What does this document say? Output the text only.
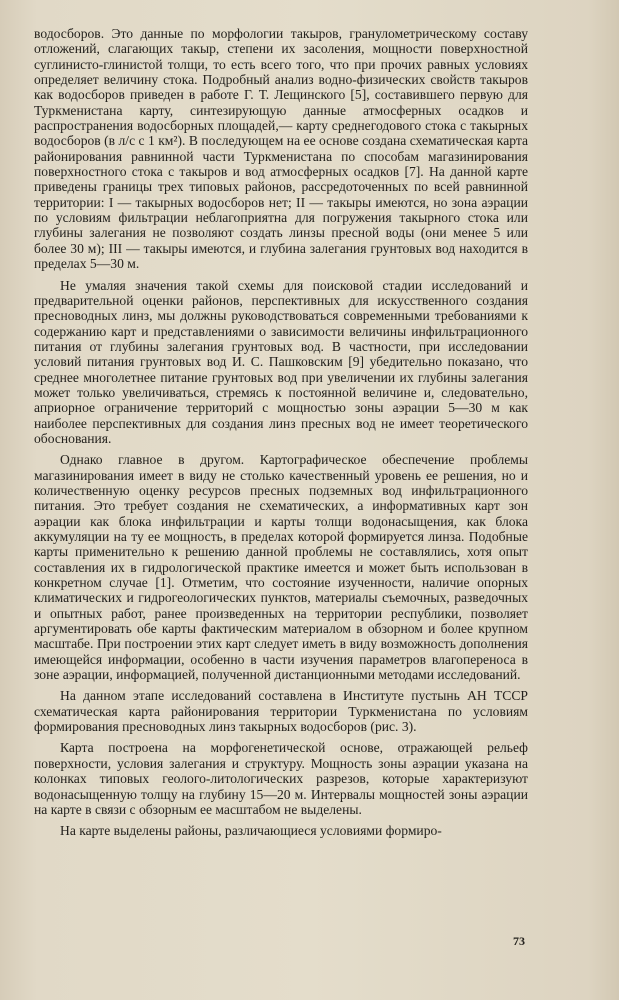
водосборов. Это данные по морфологии такыров, гранулометрическому составу отложений, слагающих такыр, степени их засоления, мощности поверхностной суглинисто-глинистой толщи, то есть всего того, что при прочих равных условиях определяет величину стока. Подробный анализ водно-физических свойств такыров как водосборов приведен в работе Г. Т. Лещинского [5], составившего первую для Туркменистана карту, синтезирующую данные атмосферных осадков и распространения водосборных площадей,— карту среднегодового стока с такырных водосборов (в л/с с 1 км²). В последующем на ее основе создана схематическая карта районирования равнинной части Туркменистана по способам магазинирования поверхностного стока с такыров и вод атмосферных осадков [7]. На данной карте приведены границы трех типовых районов, рассредоточенных по всей равнинной территории: I — такырных водосборов нет; II — такыры имеются, но зона аэрации по условиям фильтрации неблагоприятна для погружения такырного стока или глубины залегания не позволяют создать линзы пресной воды (они менее 5 или более 30 м); III — такыры имеются, и глубина залегания грунтовых вод находится в пределах 5—30 м.

Не умаляя значения такой схемы для поисковой стадии исследований и предварительной оценки районов, перспективных для искусственного создания пресноводных линз, мы должны руководствоваться современными требованиями к содержанию карт и представлениями о зависимости величины инфильтрационного питания от глубины залегания грунтовых вод. В частности, при исследовании условий питания грунтовых вод И. С. Пашковским [9] убедительно показано, что среднее многолетнее питание грунтовых вод при увеличении их глубины залегания может только увеличиваться, стремясь к постоянной величине и, следовательно, априорное ограничение территорий с мощностью зоны аэрации 5—30 м как наиболее перспективных для создания линз пресных вод не имеет теоретического обоснования.

Однако главное в другом. Картографическое обеспечение проблемы магазинирования имеет в виду не столько качественный уровень ее решения, но и количественную оценку ресурсов пресных подземных вод инфильтрационного питания. Это требует создания не схематических, а информативных карт зон аэрации как блока инфильтрации и карты толщи водонасыщения, как блока аккумуляции на ту ее мощность, в пределах которой формируется линза. Подобные карты применительно к решению данной проблемы не составлялись, хотя опыт составления их в гидрологической практике имеется и может быть использован в конкретном случае [1]. Отметим, что состояние изученности, наличие опорных климатических и гидрогеологических пунктов, материалы съемочных, разведочных и опытных работ, ранее произведенных на территории республики, позволяет аргументировать обе карты фактическим материалом в обзорном и более крупном масштабе. При построении этих карт следует иметь в виду возможность дополнения имеющейся информации, особенно в части изучения параметров влагопереноса в зоне аэрации, информацией, полученной дистанционными методами исследований.

На данном этапе исследований составлена в Институте пустынь АН ТССР схематическая карта районирования территории Туркменистана по условиям формирования пресноводных линз такырных водосборов (рис. 3).

Карта построена на морфогенетической основе, отражающей рельеф поверхности, условия залегания и структуру. Мощность зоны аэрации указана на колонках типовых геолого-литологических разрезов, которые характеризуют водонасыщенную толщу на глубину 15—20 м. Интервалы мощностей зоны аэрации на карте в связи с обзорным ее масштабом не выделены.

На карте выделены районы, различающиеся условиями формиро-

73
